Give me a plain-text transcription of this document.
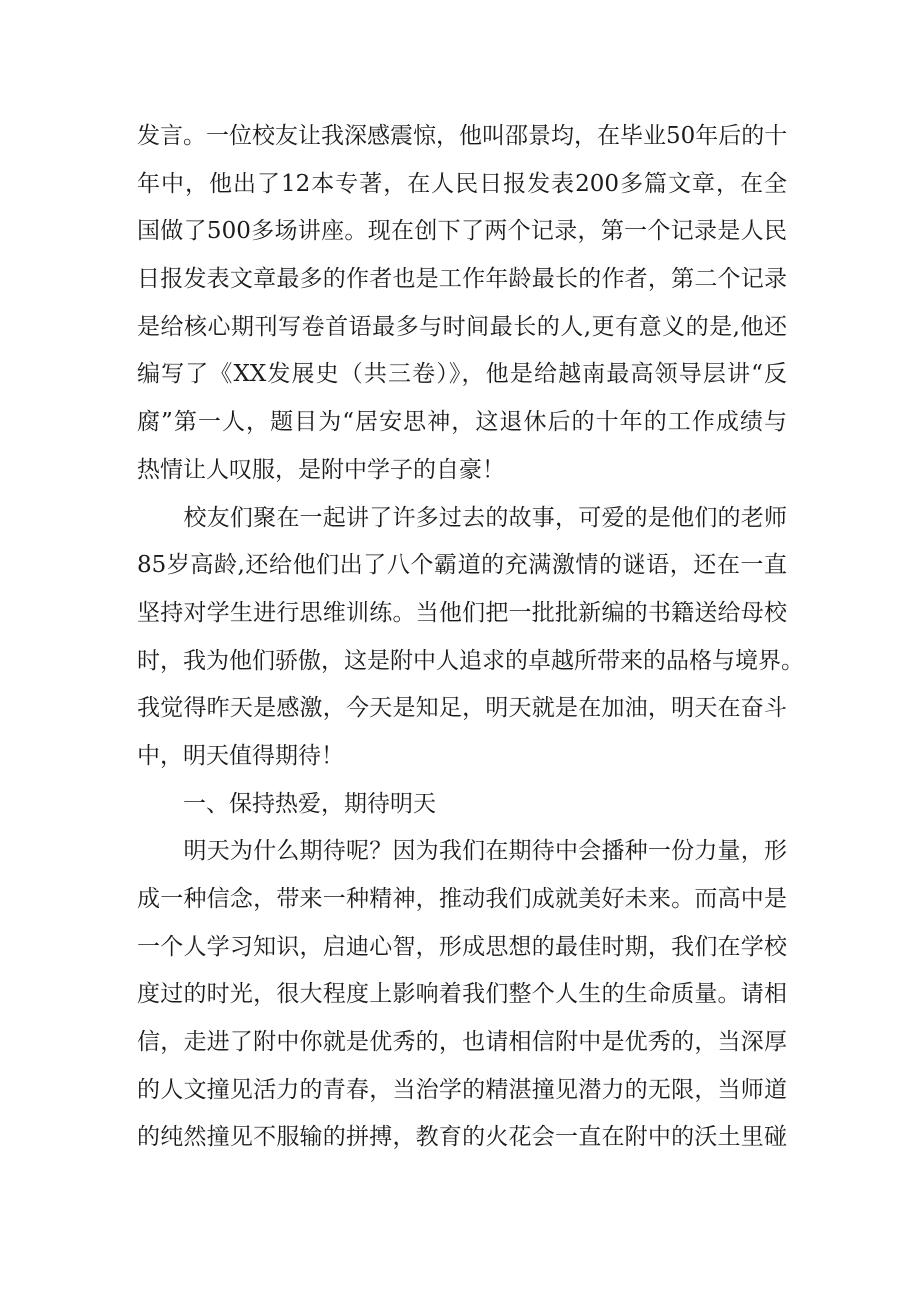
发言。一位校友让我深感震惊，他叫邵景均，在毕业50年后的十
年中，他出了12本专著，在人民日报发表200多篇文章，在全
国做了500多场讲座。现在创下了两个记录，第一个记录是人民
日报发表文章最多的作者也是工作年龄最长的作者，第二个记录
是给核心期刊写卷首语最多与时间最长的人,更有意义的是,他还
编写了《XX发展史（共三卷）》，他是给越南最高领导层讲“反
腐”第一人，题目为“居安思神，这退休后的十年的工作成绩与
热情让人叹服，是附中学子的自豪！
　　校友们聚在一起讲了许多过去的故事，可爱的是他们的老师
85岁高龄,还给他们出了八个霸道的充满激情的谜语，还在一直
坚持对学生进行思维训练。当他们把一批批新编的书籍送给母校
时，我为他们骄傲，这是附中人追求的卓越所带来的品格与境界。
我觉得昨天是感激，今天是知足，明天就是在加油，明天在奋斗
中，明天值得期待！
　　一、保持热爱，期待明天
　　明天为什么期待呢？因为我们在期待中会播种一份力量，形
成一种信念，带来一种精神，推动我们成就美好未来。而高中是
一个人学习知识，启迪心智，形成思想的最佳时期，我们在学校
度过的时光，很大程度上影响着我们整个人生的生命质量。请相
信，走进了附中你就是优秀的，也请相信附中是优秀的，当深厚
的人文撞见活力的青春，当治学的精湛撞见潜力的无限，当师道
的纯然撞见不服输的拼搏，教育的火花会一直在附中的沃土里碰
